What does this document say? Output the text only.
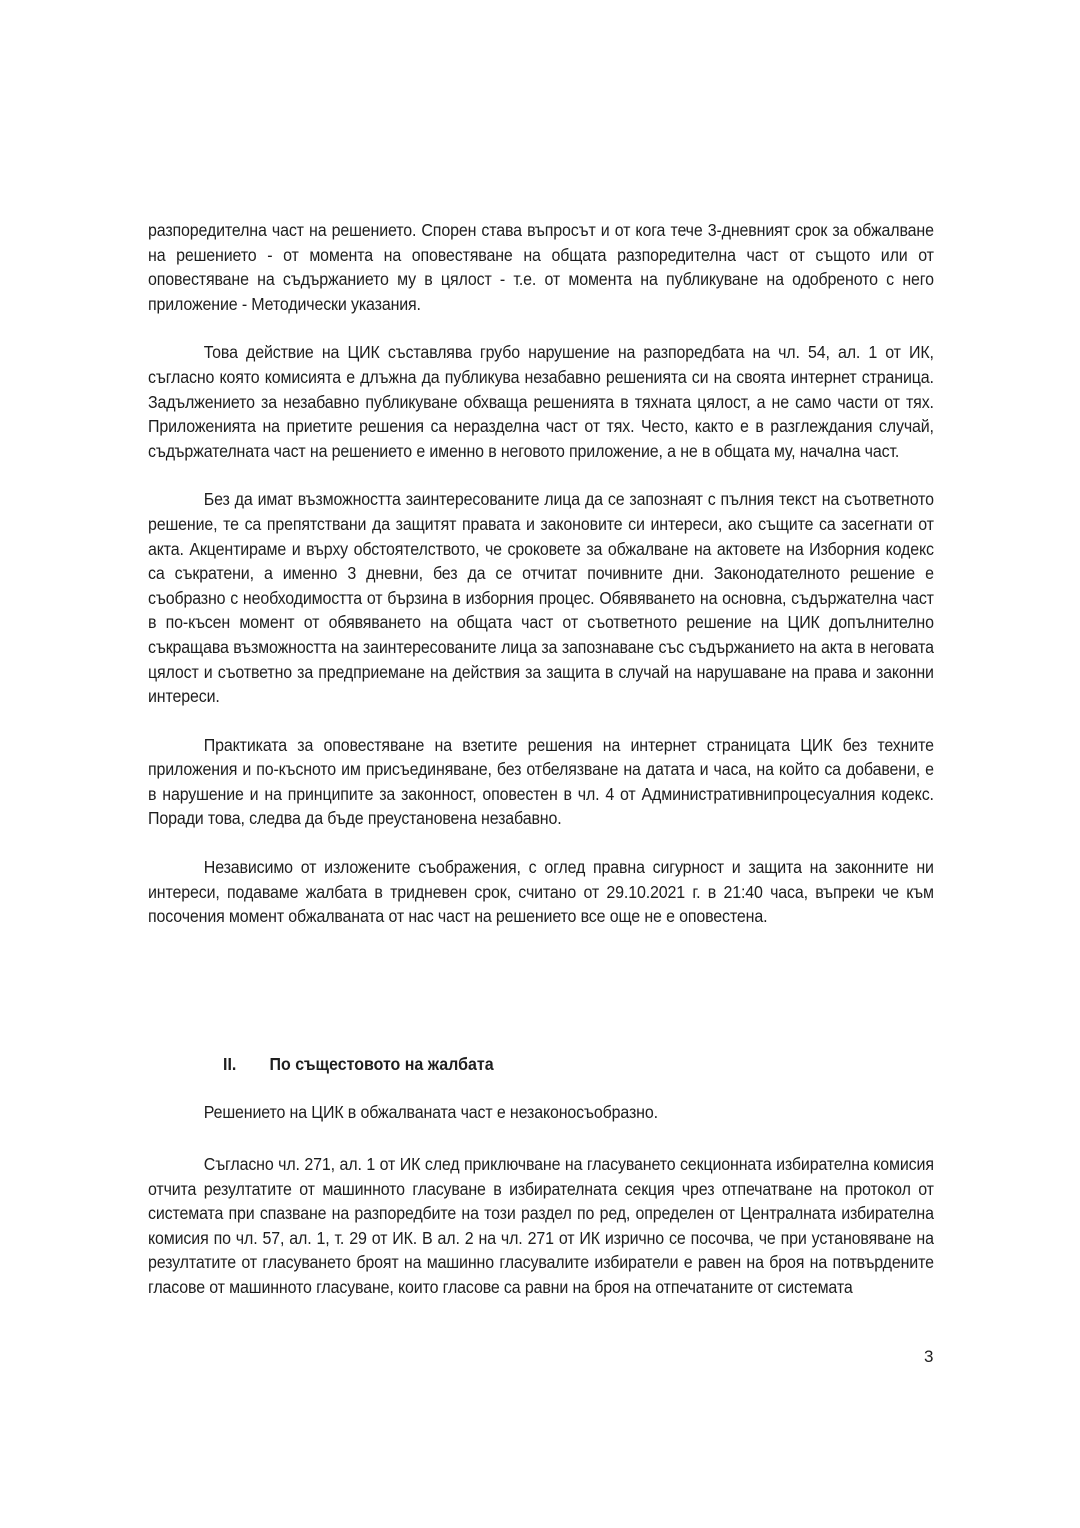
разпоредителна част на решението. Спорен става въпросът и от кога тече 3-дневният срок за обжалване на решението - от момента на оповестяване на общата разпоредителна част от същото или от оповестяване на съдържанието му в цялост - т.е. от момента на публикуване на одобреното с него приложение - Методически указания.

Това действие на ЦИК съставлява грубо нарушение на разпоредбата на чл. 54, ал. 1 от ИК, съгласно която комисията е длъжна да публикува незабавно решенията си на своята интернет страница. Задължението за незабавно публикуване обхваща решенията в тяхната цялост, а не само части от тях. Приложенията на приетите решения са неразделна част от тях. Често, както е в разглеждания случай, съдържателната част на решението е именно в неговото приложение, а не в общата му, начална част.

Без да имат възможността заинтересованите лица да се запознаят с пълния текст на съответното решение, те са препятствани да защитят правата и законовите си интереси, ако същите са засегнати от акта. Акцентираме и върху обстоятелството, че сроковете за обжалване на актовете на Изборния кодекс са съкратени, а именно 3 дневни, без да се отчитат почивните дни. Законодателното решение е съобразно с необходимостта от бързина в изборния процес. Обявяването на основна, съдържателна част в по-късен момент от обявяването на общата част от съответното решение на ЦИК допълнително съкращава възможността на заинтересованите лица за запознаване със съдържанието на акта в неговата цялост и съответно за предприемане на действия за защита в случай на нарушаване на права и законни интереси.

Практиката за оповестяване на взетите решения на интернет страницата ЦИК без техните приложения и по-късното им присъединяване, без отбелязване на датата и часа, на който са добавени, е в нарушение и на принципите за законност, оповестен в чл. 4 от Административнипроцесуалния кодекс. Поради това, следва да бъде преустановена незабавно.

Независимо от изложените съображения, с оглед правна сигурност и защита на законните ни интереси, подаваме жалбата в тридневен срок, считано от 29.10.2021 г. в 21:40 часа, въпреки че към посочения момент обжалваната от нас част на решението все още не е оповестена.

II.	По същестовото на жалбата

Решението на ЦИК в обжалваната част е незаконосъобразно.

Съгласно чл. 271, ал. 1 от ИК след приключване на гласуването секционната избирателна комисия отчита резултатите от машинното гласуване в избирателната секция чрез отпечатване на протокол от системата при спазване на разпоредбите на този раздел по ред, определен от Централната избирателна комисия по чл. 57, ал. 1, т. 29 от ИК. В ал. 2 на чл. 271 от ИК изрично се посочва, че при установяване на резултатите от гласуването броят на машинно гласувалите избиратели е равен на броя на потвърдените гласове от машинното гласуване, които гласове са равни на броя на отпечатаните от системата

3
